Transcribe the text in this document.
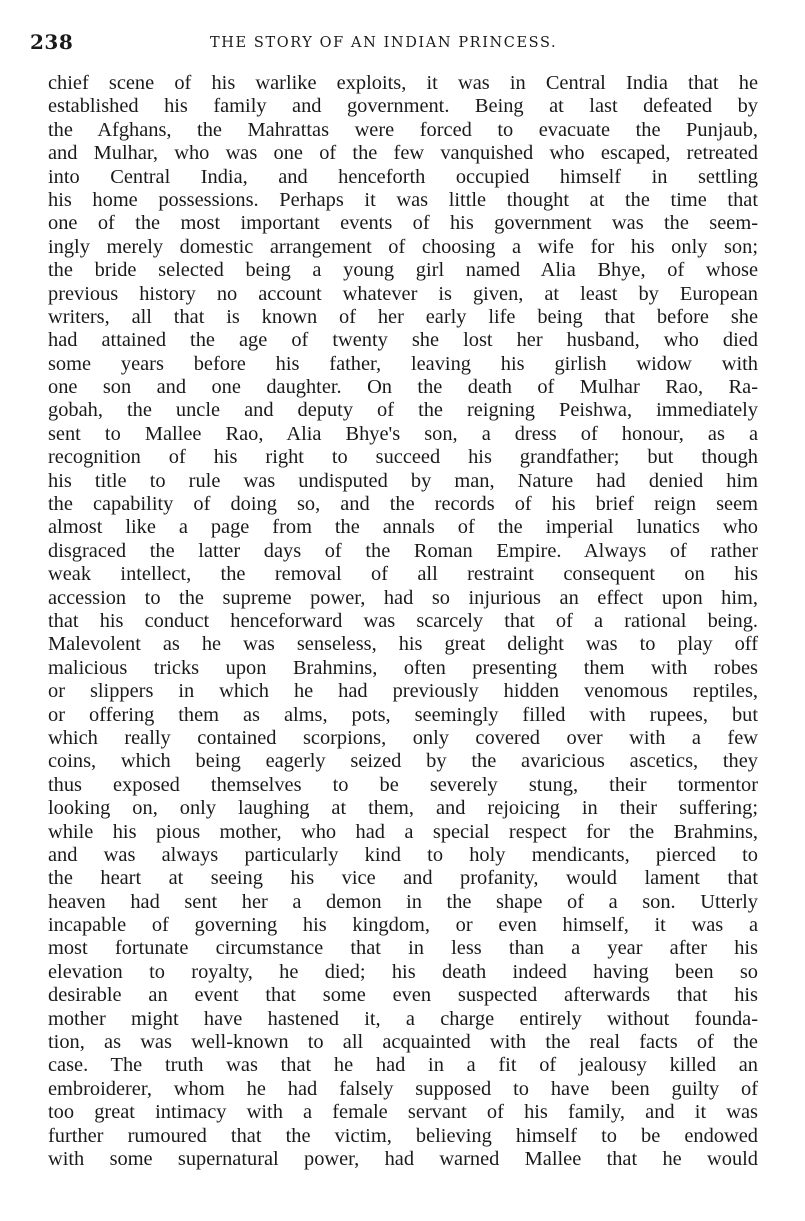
238	THE STORY OF AN INDIAN PRINCESS.
chief scene of his warlike exploits, it was in Central India that he
established his family and government. Being at last defeated by
the Afghans, the Mahrattas were forced to evacuate the Punjaub,
and Mulhar, who was one of the few vanquished who escaped, retreated
into Central India, and henceforth occupied himself in settling
his home possessions. Perhaps it was little thought at the time that
one of the most important events of his government was the seem-
ingly merely domestic arrangement of choosing a wife for his only son;
the bride selected being a young girl named Alia Bhye, of whose
previous history no account whatever is given, at least by European
writers, all that is known of her early life being that before she
had attained the age of twenty she lost her husband, who died
some years before his father, leaving his girlish widow with
one son and one daughter. On the death of Mulhar Rao, Ra-
gobah, the uncle and deputy of the reigning Peishwa, immediately
sent to Mallee Rao, Alia Bhye's son, a dress of honour, as a
recognition of his right to succeed his grandfather; but though
his title to rule was undisputed by man, Nature had denied him
the capability of doing so, and the records of his brief reign seem
almost like a page from the annals of the imperial lunatics who
disgraced the latter days of the Roman Empire. Always of rather
weak intellect, the removal of all restraint consequent on his
accession to the supreme power, had so injurious an effect upon him,
that his conduct henceforward was scarcely that of a rational being.
Malevolent as he was senseless, his great delight was to play off
malicious tricks upon Brahmins, often presenting them with robes
or slippers in which he had previously hidden venomous reptiles,
or offering them as alms, pots, seemingly filled with rupees, but
which really contained scorpions, only covered over with a few
coins, which being eagerly seized by the avaricious ascetics, they
thus exposed themselves to be severely stung, their tormentor
looking on, only laughing at them, and rejoicing in their suffering;
while his pious mother, who had a special respect for the Brahmins,
and was always particularly kind to holy mendicants, pierced to
the heart at seeing his vice and profanity, would lament that
heaven had sent her a demon in the shape of a son. Utterly
incapable of governing his kingdom, or even himself, it was a
most fortunate circumstance that in less than a year after his
elevation to royalty, he died; his death indeed having been so
desirable an event that some even suspected afterwards that his
mother might have hastened it, a charge entirely without founda-
tion, as was well-known to all acquainted with the real facts of the
case. The truth was that he had in a fit of jealousy killed an
embroiderer, whom he had falsely supposed to have been guilty of
too great intimacy with a female servant of his family, and it was
further rumoured that the victim, believing himself to be endowed
with some supernatural power, had warned Mallee that he would
